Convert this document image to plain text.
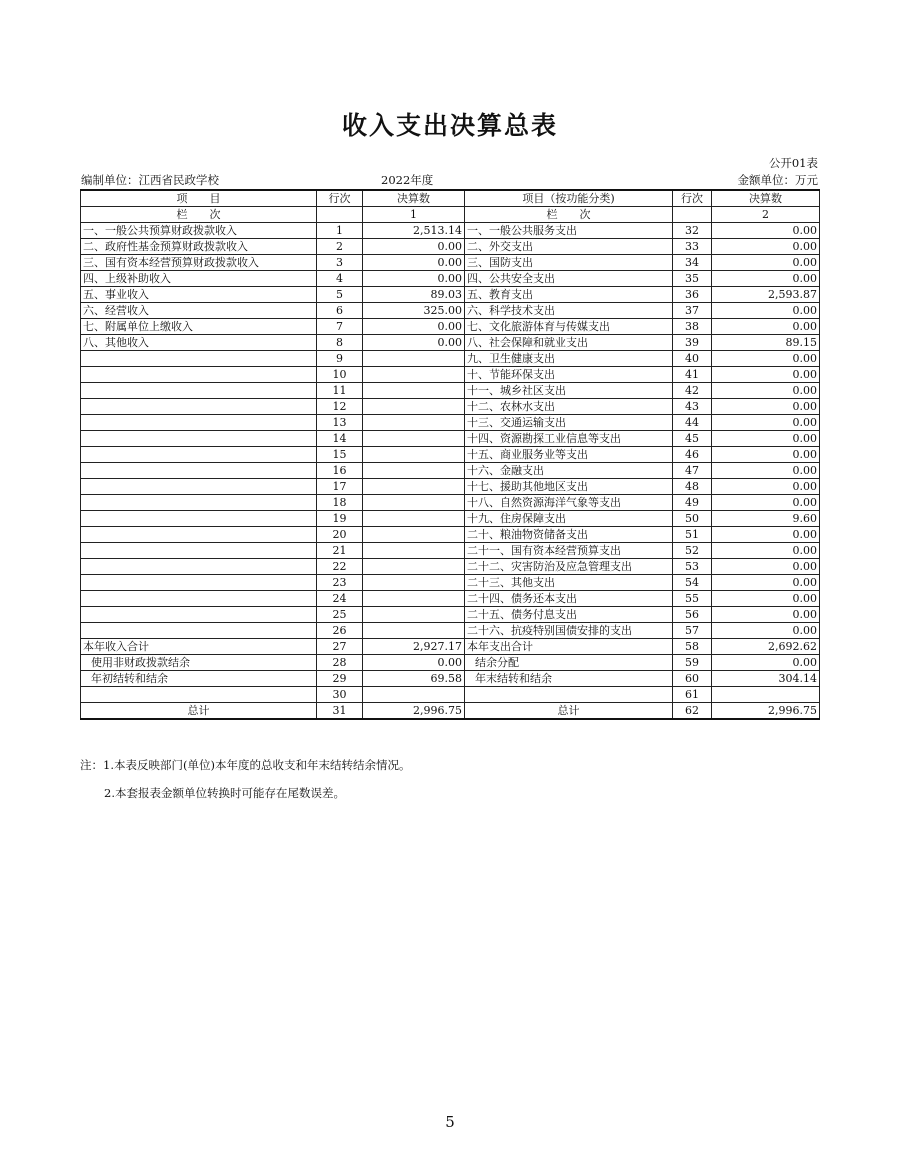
收入支出决算总表
公开01表
编制单位：江西省民政学校	2022年度	金额单位：万元
项　　目	行次	决算数	项目（按功能分类)	行次	决算数
栏　　次		1	栏　　次		2
一、一般公共预算财政拨款收入	1	2,513.14	一、一般公共服务支出	32	0.00
二、政府性基金预算财政拨款收入	2	0.00	二、外交支出	33	0.00
三、国有资本经营预算财政拨款收入	3	0.00	三、国防支出	34	0.00
四、上级补助收入	4	0.00	四、公共安全支出	35	0.00
五、事业收入	5	89.03	五、教育支出	36	2,593.87
六、经营收入	6	325.00	六、科学技术支出	37	0.00
七、附属单位上缴收入	7	0.00	七、文化旅游体育与传媒支出	38	0.00
八、其他收入	8	0.00	八、社会保障和就业支出	39	89.15
	9		九、卫生健康支出	40	0.00
	10		十、节能环保支出	41	0.00
	11		十一、城乡社区支出	42	0.00
	12		十二、农林水支出	43	0.00
	13		十三、交通运输支出	44	0.00
	14		十四、资源勘探工业信息等支出	45	0.00
	15		十五、商业服务业等支出	46	0.00
	16		十六、金融支出	47	0.00
	17		十七、援助其他地区支出	48	0.00
	18		十八、自然资源海洋气象等支出	49	0.00
	19		十九、住房保障支出	50	9.60
	20		二十、粮油物资储备支出	51	0.00
	21		二十一、国有资本经营预算支出	52	0.00
	22		二十二、灾害防治及应急管理支出	53	0.00
	23		二十三、其他支出	54	0.00
	24		二十四、债务还本支出	55	0.00
	25		二十五、债务付息支出	56	0.00
	26		二十六、抗疫特别国债安排的支出	57	0.00
本年收入合计	27	2,927.17	本年支出合计	58	2,692.62
使用非财政拨款结余	28	0.00	结余分配	59	0.00
年初结转和结余	29	69.58	年末结转和结余	60	304.14
	30			61	
总计	31	2,996.75	总计	62	2,996.75
注：1.本表反映部门(单位)本年度的总收支和年末结转结余情况。
2.本套报表金额单位转换时可能存在尾数误差。
5
